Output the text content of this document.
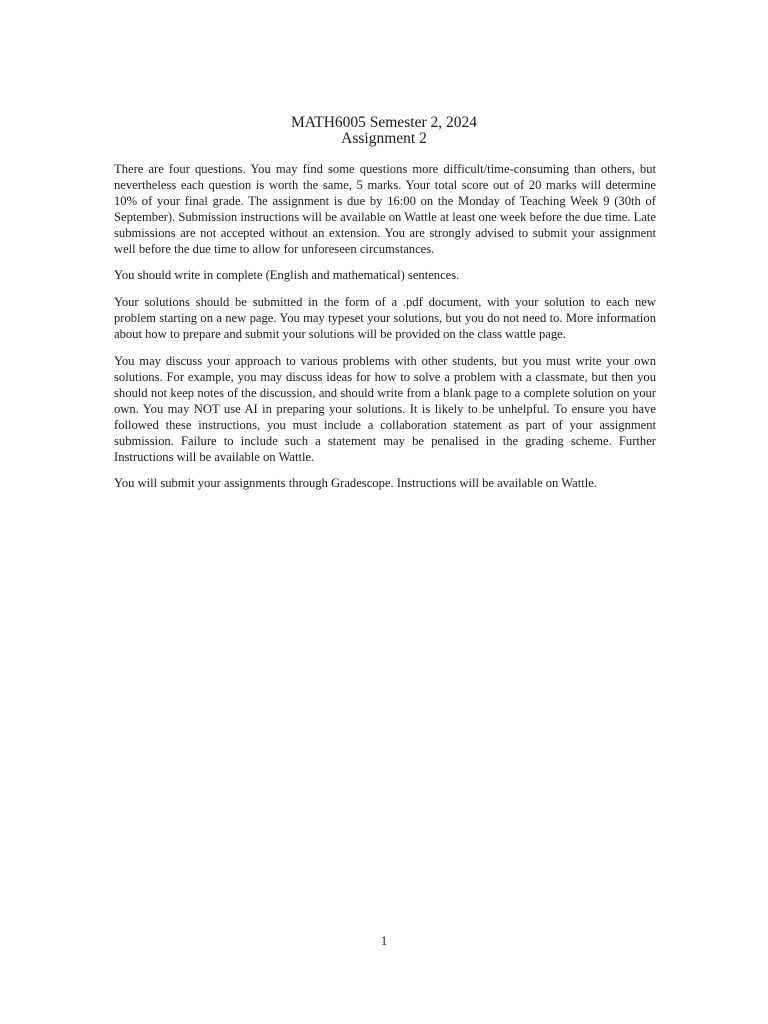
MATH6005 Semester 2, 2024
Assignment 2

There are four questions. You may find some questions more difficult/time-consuming than others, but nevertheless each question is worth the same, 5 marks. Your total score out of 20 marks will determine 10% of your final grade. The assignment is due by 16:00 on the Monday of Teaching Week 9 (30th of September). Submission instructions will be available on Wattle at least one week before the due time. Late submissions are not accepted without an extension. You are strongly advised to submit your assignment well before the due time to allow for unforeseen circumstances.

You should write in complete (English and mathematical) sentences.

Your solutions should be submitted in the form of a .pdf document, with your solution to each new problem starting on a new page. You may typeset your solutions, but you do not need to. More information about how to prepare and submit your solutions will be provided on the class wattle page.

You may discuss your approach to various problems with other students, but you must write your own solutions. For example, you may discuss ideas for how to solve a problem with a classmate, but then you should not keep notes of the discussion, and should write from a blank page to a complete solution on your own. You may NOT use AI in preparing your solutions. It is likely to be unhelpful. To ensure you have followed these instructions, you must include a collaboration statement as part of your assignment submission. Failure to include such a statement may be penalised in the grading scheme. Further Instructions will be available on Wattle.

You will submit your assignments through Gradescope. Instructions will be available on Wattle.

1
